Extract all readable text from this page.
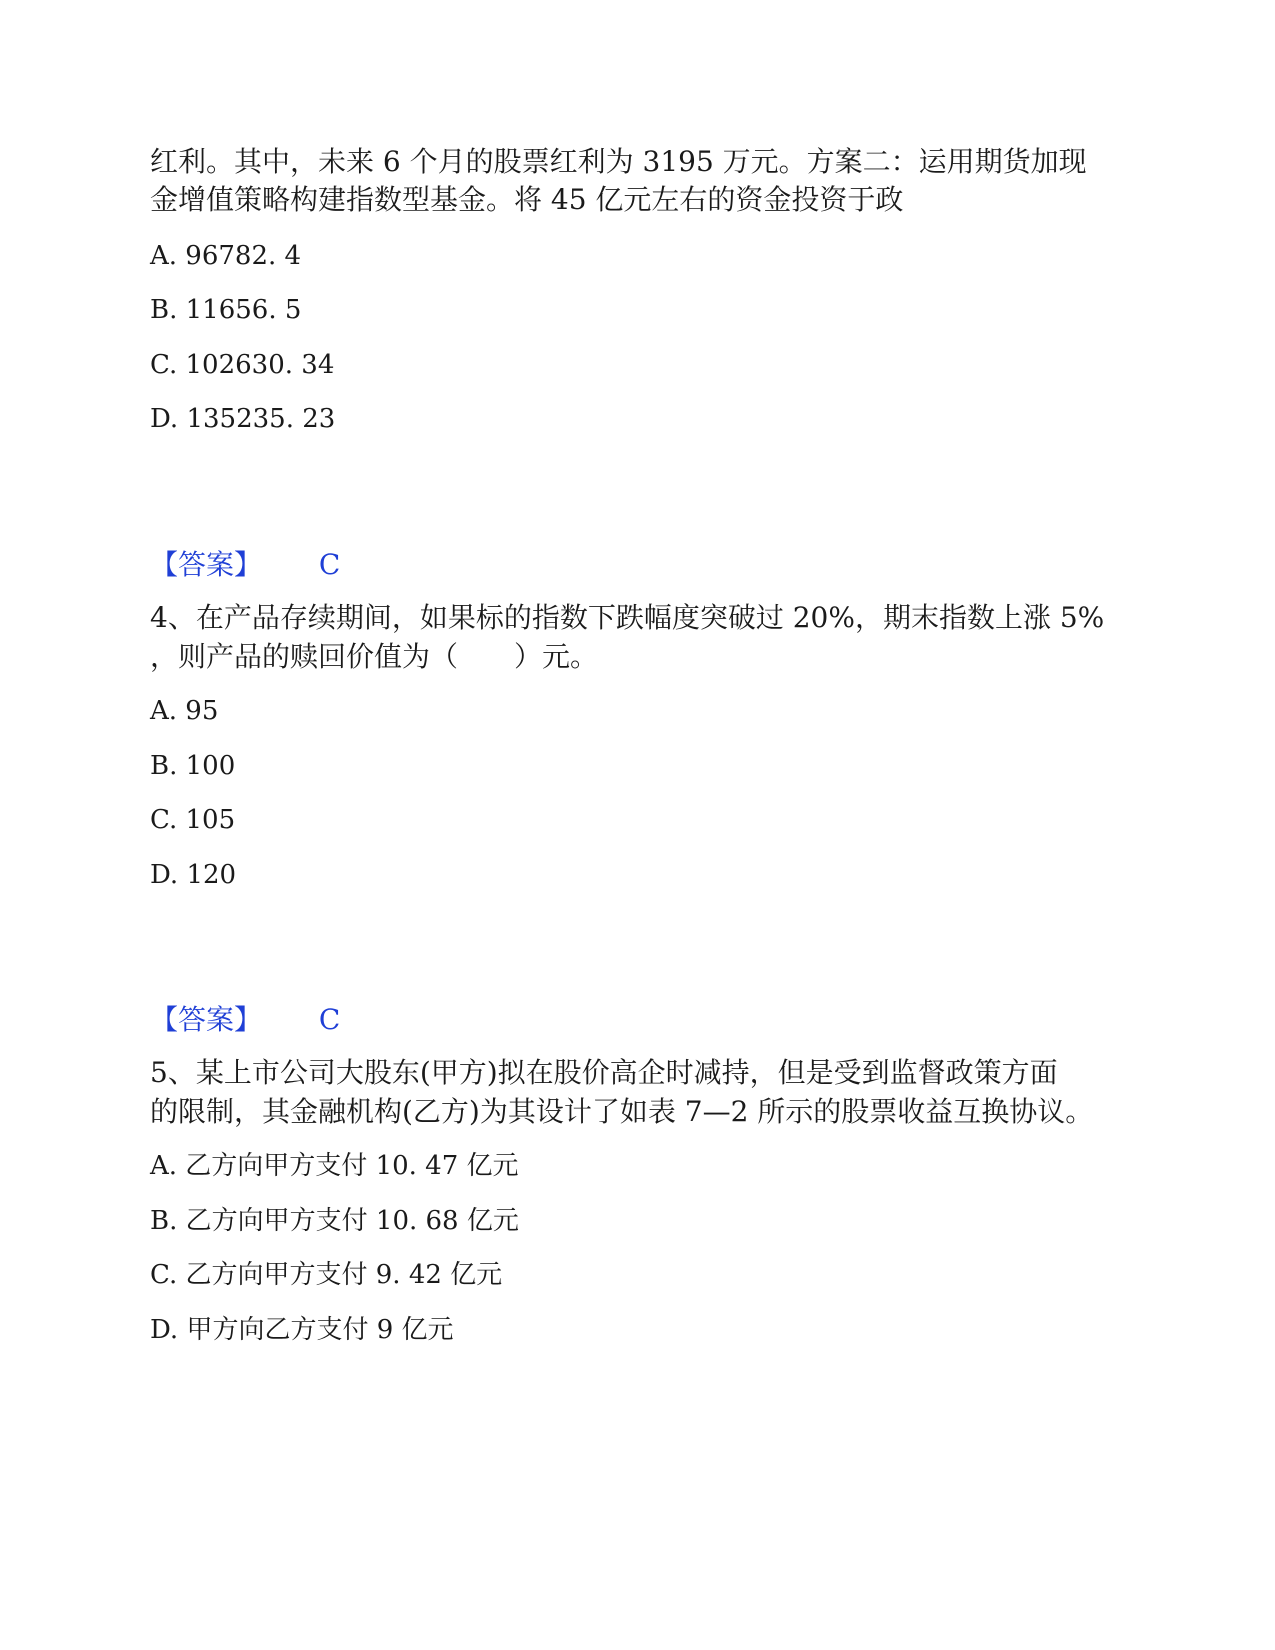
红利。其中，未来 6 个月的股票红利为 3195 万元。方案二：运用期货加现
金增值策略构建指数型基金。将 45 亿元左右的资金投资于政
A. 96782. 4
B. 11656. 5
C. 102630. 34
D. 135235. 23
【答案】 C
4、在产品存续期间，如果标的指数下跌幅度突破过 20%，期末指数上涨 5%
，则产品的赎回价值为（　　）元。
A. 95
B. 100
C. 105
D. 120
【答案】 C
5、某上市公司大股东(甲方)拟在股价高企时减持，但是受到监督政策方面
的限制，其金融机构(乙方)为其设计了如表 7—2 所示的股票收益互换协议。
A. 乙方向甲方支付 10. 47 亿元
B. 乙方向甲方支付 10. 68 亿元
C. 乙方向甲方支付 9. 42 亿元
D. 甲方向乙方支付 9 亿元
